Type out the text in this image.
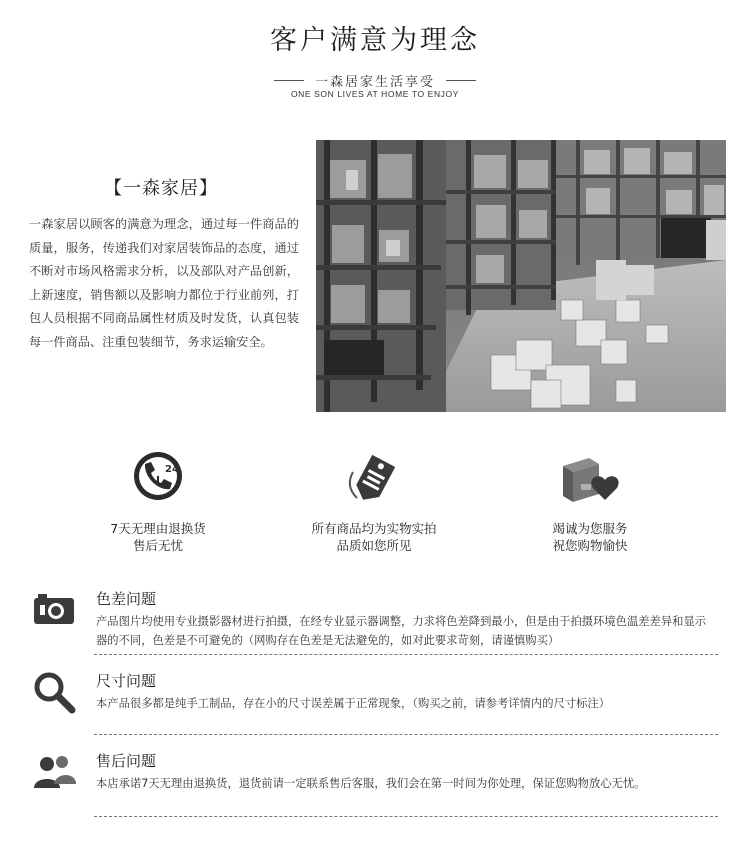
客户满意为理念
一森居家生活享受
ONE SON LIVES AT HOME TO ENJOY
【一森家居】
一森家居以顾客的满意为理念，通过每一件商品的质量，服务，传递我们对家居装饰品的态度，通过不断对市场风格需求分析，以及部队对产品创新，上新速度，销售额以及影响力都位于行业前列，打包人员根据不同商品属性材质及时发货，认真包装每一件商品、注重包装细节，务求运输安全。
24
7天无理由退换货
售后无忧
所有商品均为实物实拍
品质如您所见
竭诚为您服务
祝您购物愉快
色差问题
产品图片均使用专业摄影器材进行拍摄，在经专业显示器调整，力求将色差降到最小，但是由于拍摄环境色温差差异和显示器的不同，色差是不可避免的（网购存在色差是无法避免的，如对此要求苛刻，请谨慎购买）
尺寸问题
本产品很多都是纯手工制品，存在小的尺寸误差属于正常现象，（购买之前，请参考详情内的尺寸标注）
售后问题
本店承诺7天无理由退换货，退货前请一定联系售后客服，我们会在第一时间为你处理，保证您购物放心无忧。
